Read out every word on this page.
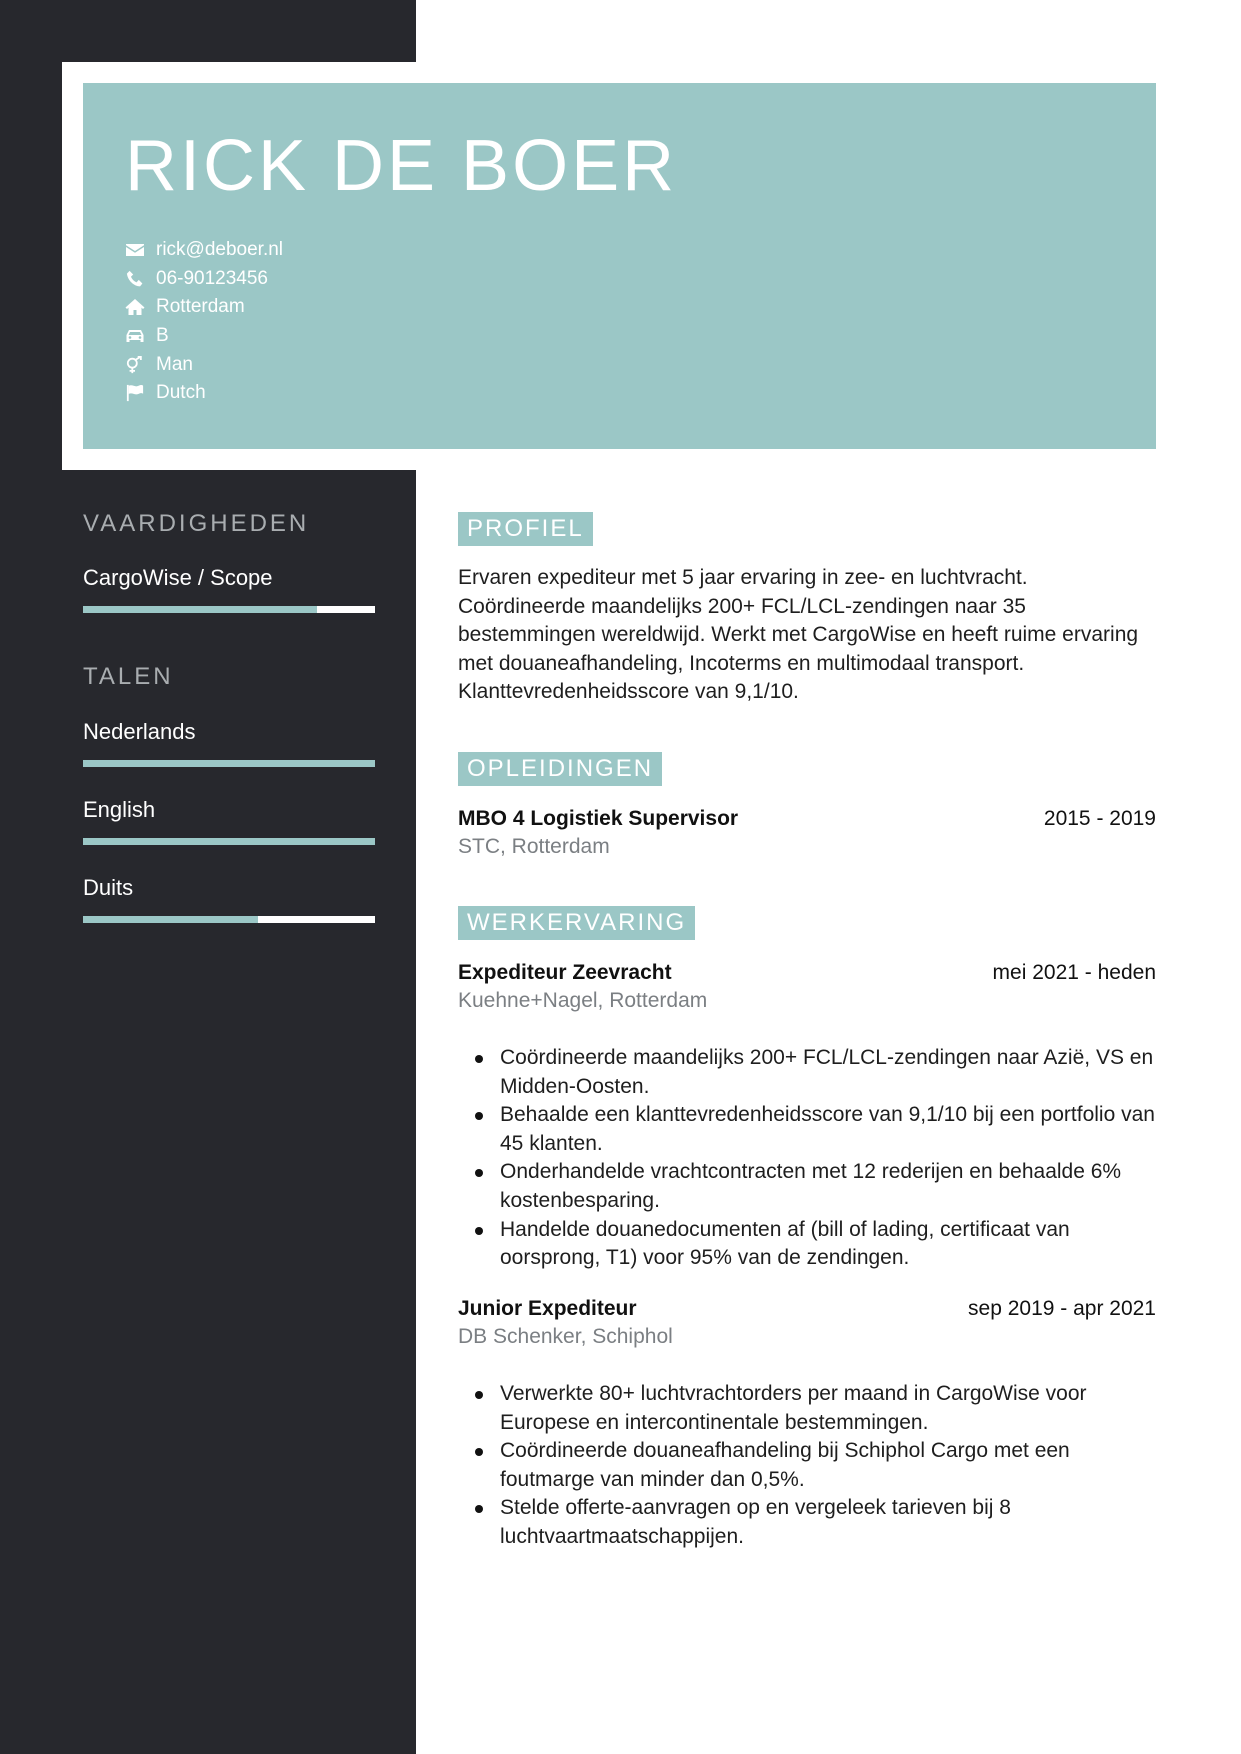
RICK DE BOER
rick@deboer.nl
06-90123456
Rotterdam
B
Man
Dutch
VAARDIGHEDEN
CargoWise / Scope
TALEN
Nederlands
English
Duits
PROFIEL

Ervaren expediteur met 5 jaar ervaring in zee- en luchtvracht. Coördineerde maandelijks 200+ FCL/LCL-zendingen naar 35 bestemmingen wereldwijd. Werkt met CargoWise en heeft ruime ervaring met douaneafhandeling, Incoterms en multimodaal transport. Klanttevredenheidsscore van 9,1/10.

OPLEIDINGEN
MBO 4 Logistiek Supervisor	2015 - 2019
STC, Rotterdam
WERKERVARING
Expediteur Zeevracht	mei 2021 - heden
Kuehne+Nagel, Rotterdam
Coördineerde maandelijks 200+ FCL/LCL-zendingen naar Azië, VS en Midden-Oosten.
Behaalde een klanttevredenheidsscore van 9,1/10 bij een portfolio van 45 klanten.
Onderhandelde vrachtcontracten met 12 rederijen en behaalde 6% kostenbesparing.
Handelde douanedocumenten af (bill of lading, certificaat van oorsprong, T1) voor 95% van de zendingen.
Junior Expediteur	sep 2019 - apr 2021
DB Schenker, Schiphol
Verwerkte 80+ luchtvrachtorders per maand in CargoWise voor Europese en intercontinentale bestemmingen.
Coördineerde douaneafhandeling bij Schiphol Cargo met een foutmarge van minder dan 0,5%.
Stelde offerte-aanvragen op en vergeleek tarieven bij 8 luchtvaartmaatschappijen.
